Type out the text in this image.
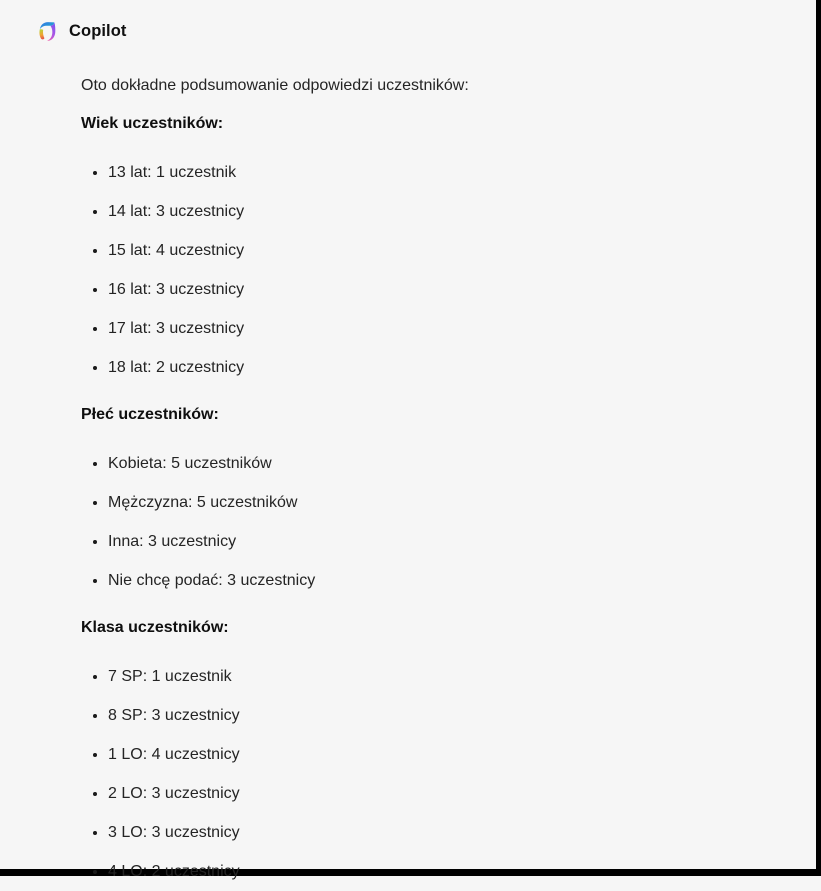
Copilot

Oto dokładne podsumowanie odpowiedzi uczestników:

Wiek uczestników:
• 13 lat: 1 uczestnik
• 14 lat: 3 uczestnicy
• 15 lat: 4 uczestnicy
• 16 lat: 3 uczestnicy
• 17 lat: 3 uczestnicy
• 18 lat: 2 uczestnicy
Płeć uczestników:
• Kobieta: 5 uczestników
• Mężczyzna: 5 uczestników
• Inna: 3 uczestnicy
• Nie chcę podać: 3 uczestnicy
Klasa uczestników:
• 7 SP: 1 uczestnik
• 8 SP: 3 uczestnicy
• 1 LO: 4 uczestnicy
• 2 LO: 3 uczestnicy
• 3 LO: 3 uczestnicy
• 4 LO: 2 uczestnicy
